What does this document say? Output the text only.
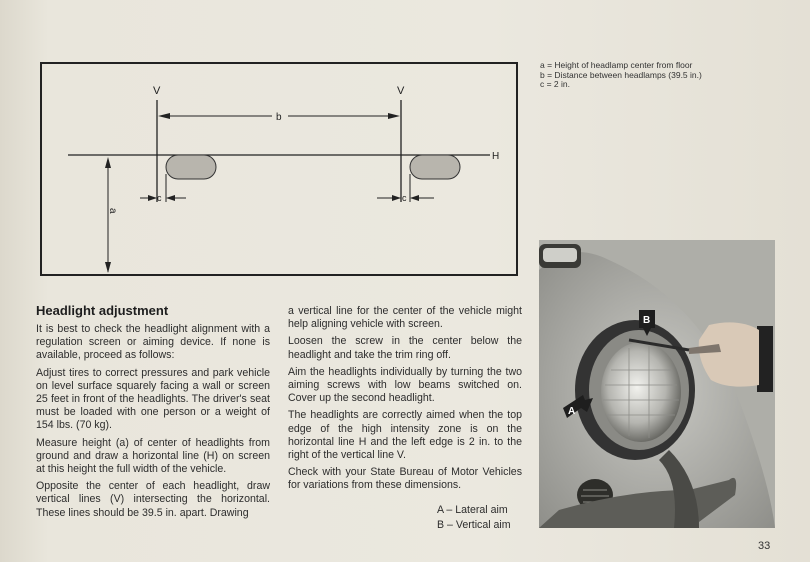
H
V	V
b
a
c	c
a = Height of headlamp center from floor
b = Distance between headlamps (39.5 in.)
c = 2 in.
Headlight adjustment

It is best to check the headlight alignment with a regulation screen or aiming device. If none is available, proceed as follows:

Adjust tires to correct pressures and park vehicle on level surface squarely facing a wall or screen 25 feet in front of the headlights. The driver's seat must be loaded with one person or a weight of 154 lbs. (70 kg).

Measure height (a) of center of headlights from ground and draw a horizontal line (H) on screen at this height the full width of the vehicle.

Opposite the center of each headlight, draw vertical lines (V) intersecting the horizontal. These lines should be 39.5 in. apart. Drawing

a vertical line for the center of the vehicle might help aligning vehicle with screen.

Loosen the screw in the center below the headlight and take the trim ring off.

Aim the headlights individually by turning the two aiming screws with low beams switched on. Cover up the second headlight.

The headlights are correctly aimed when the top edge of the high intensity zone is on the horizontal line H and the left edge is 2 in. to the right of the vertical line V.

Check with your State Bureau of Motor Vehicles for variations from these dimensions.

A – Lateral aim
B – Vertical aim
A
B
33
